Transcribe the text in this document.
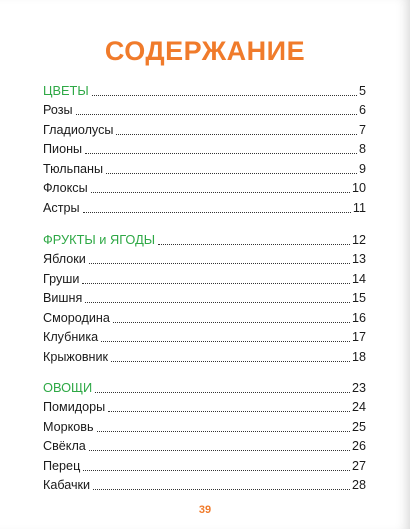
СОДЕРЖАНИЕ
ЦВЕТЫ	5
Розы	6
Гладиолусы	7
Пионы	8
Тюльпаны	9
Флоксы	10
Астры	11
ФРУКТЫ и ЯГОДЫ	12
Яблоки	13
Груши	14
Вишня	15
Смородина	16
Клубника	17
Крыжовник	18
ОВОЩИ	23
Помидоры	24
Морковь	25
Свёкла	26
Перец	27
Кабачки	28
39
